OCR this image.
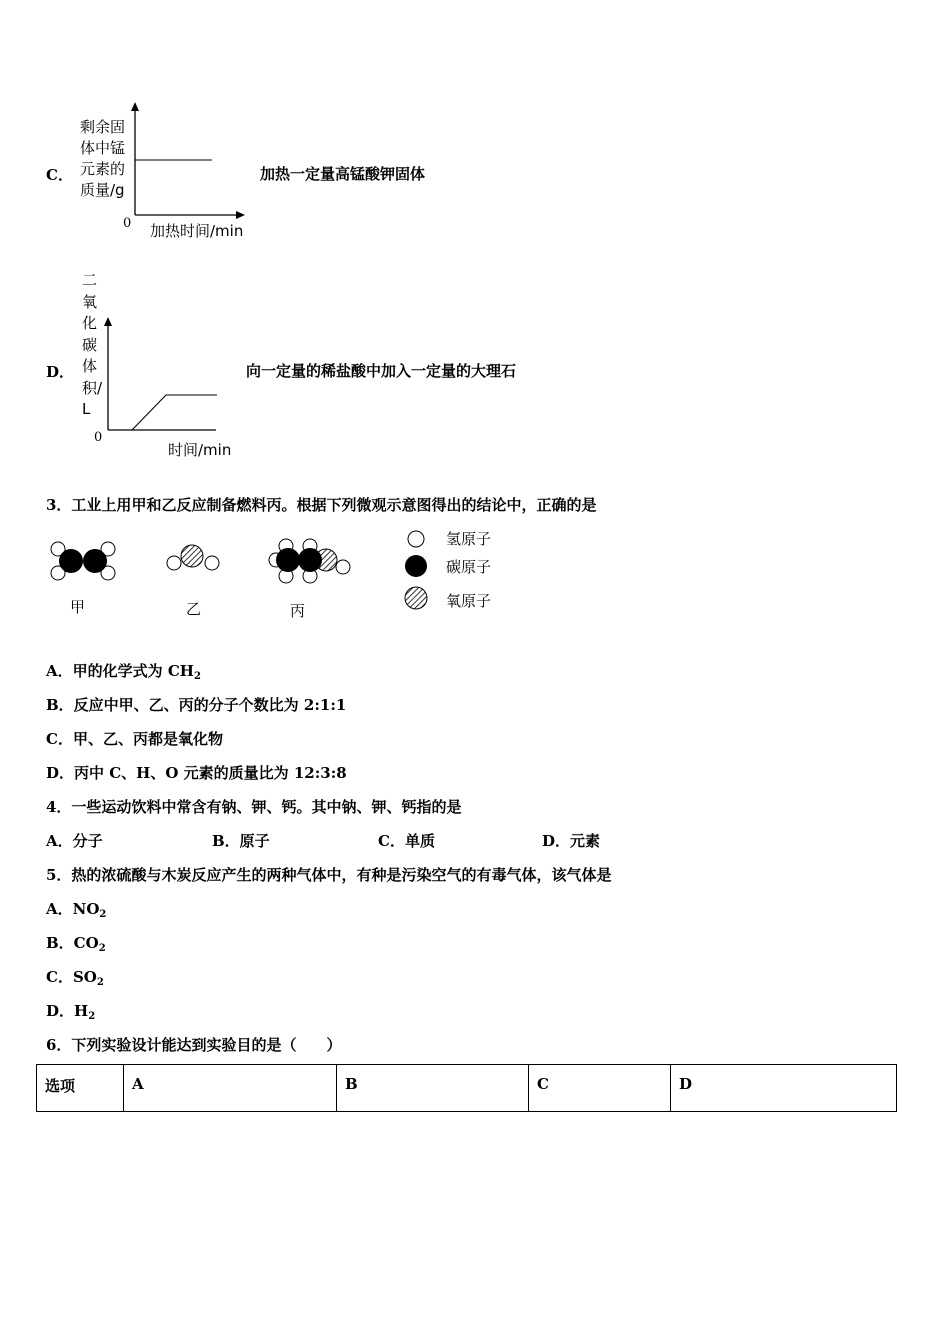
C．
剩余固
体中锰
元素的
质量/g
0 加热时间/min
加热一定量高锰酸钾固体
D．
二
氧
化
碳
体
积/
L
0
时间/min
向一定量的稀盐酸中加入一定量的大理石
3．工业上用甲和乙反应制备燃料丙。根据下列微观示意图得出的结论中，正确的是
甲	乙	丙
氢原子
碳原子
氧原子
A．甲的化学式为 $CH_2$
B．反应中甲、乙、丙的分子个数比为 2:1:1
C．甲、乙、丙都是氧化物
D．丙中 C、H、O 元素的质量比为 12:3:8
4．一些运动饮料中常含有钠、钾、钙。其中钠、钾、钙指的是
A．分子	B．原子	C．单质	D．元素
5．热的浓硫酸与木炭反应产生的两种气体中，有种是污染空气的有毒气体，该气体是
A．$NO_2$
B．$CO_2$
C．$SO_2$
D．$H_2$
6．下列实验设计能达到实验目的是（　　）
选项	A	B	C	D
